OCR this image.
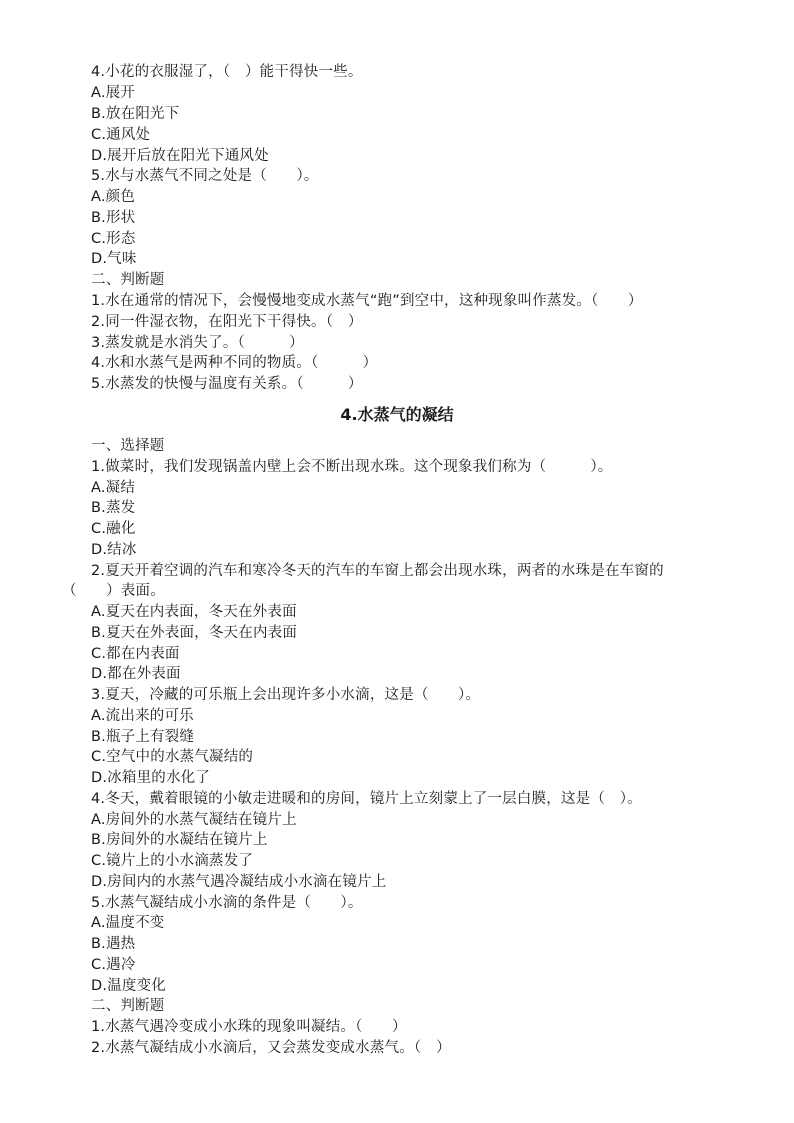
4.小花的衣服湿了，（　）能干得快一些。
A.展开
B.放在阳光下
C.通风处
D.展开后放在阳光下通风处
5.水与水蒸气不同之处是（　　）。
A.颜色
B.形状
C.形态
D.气味
二、判断题
1.水在通常的情况下，会慢慢地变成水蒸气“跑”到空中，这种现象叫作蒸发。（　　）
2.同一件湿衣物，在阳光下干得快。（　）
3.蒸发就是水消失了。（　　　）
4.水和水蒸气是两种不同的物质。（　　　）
5.水蒸发的快慢与温度有关系。（　　　）
4.水蒸气的凝结
一、选择题
1.做菜时，我们发现锅盖内壁上会不断出现水珠。这个现象我们称为（　　　）。
A.凝结
B.蒸发
C.融化
D.结冰
2.夏天开着空调的汽车和寒冷冬天的汽车的车窗上都会出现水珠，两者的水珠是在车窗的
（　　）表面。
A.夏天在内表面，冬天在外表面
B.夏天在外表面，冬天在内表面
C.都在内表面
D.都在外表面
3.夏天，冷藏的可乐瓶上会出现许多小水滴，这是（　　）。
A.流出来的可乐
B.瓶子上有裂缝
C.空气中的水蒸气凝结的
D.冰箱里的水化了
4.冬天，戴着眼镜的小敏走进暖和的房间，镜片上立刻蒙上了一层白膜，这是（　）。
A.房间外的水蒸气凝结在镜片上
B.房间外的水凝结在镜片上
C.镜片上的小水滴蒸发了
D.房间内的水蒸气遇冷凝结成小水滴在镜片上
5.水蒸气凝结成小水滴的条件是（　　）。
A.温度不变
B.遇热
C.遇冷
D.温度变化
二、判断题
1.水蒸气遇冷变成小水珠的现象叫凝结。（　　）
2.水蒸气凝结成小水滴后，又会蒸发变成水蒸气。（　）
